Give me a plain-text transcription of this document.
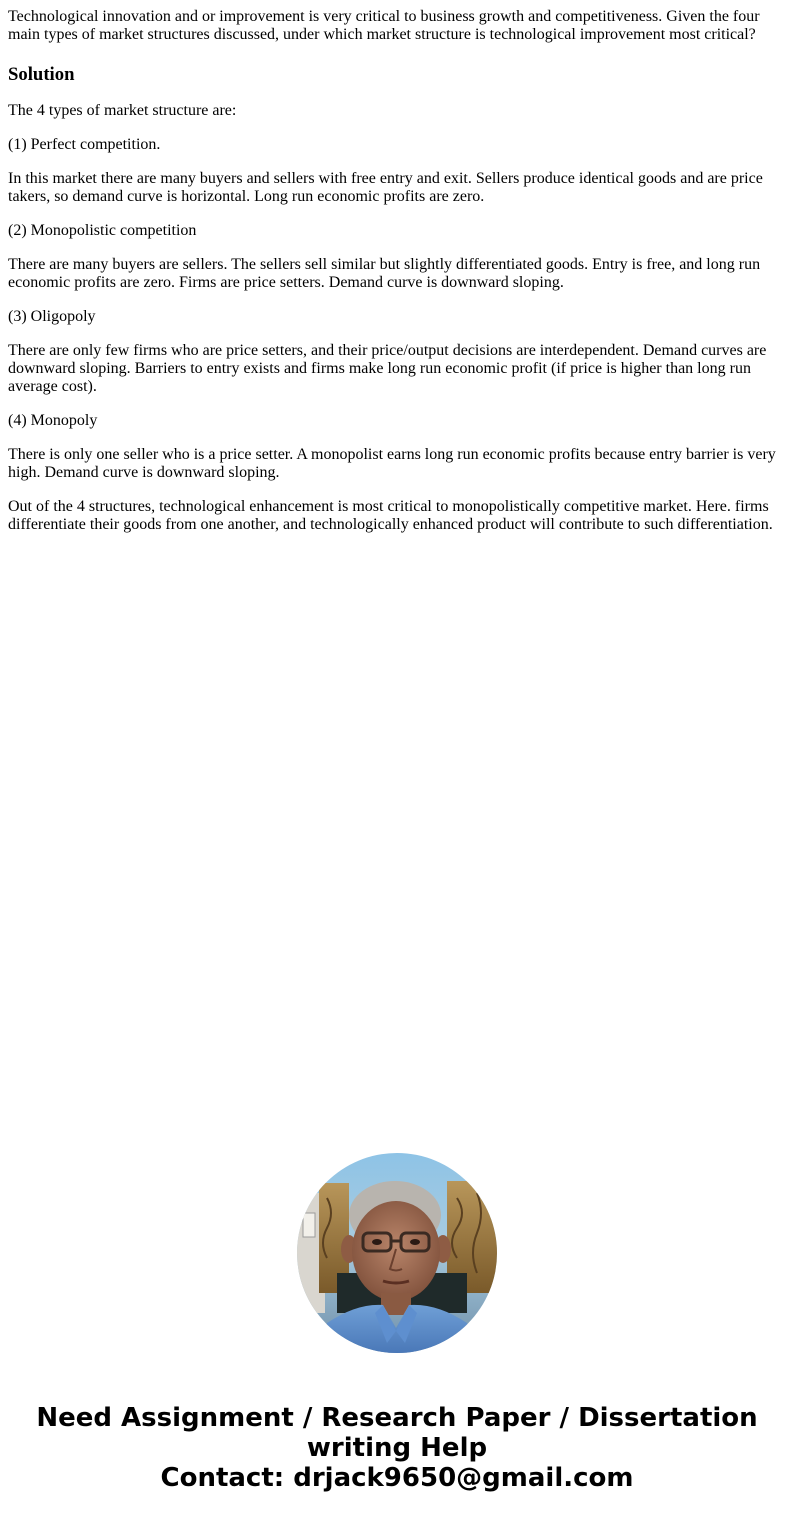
Technological innovation and or improvement is very critical to business growth and competitiveness. Given the four main types of market structures discussed, under which market structure is technological improvement most critical?

Solution

The 4 types of market structure are:

(1) Perfect competition.

In this market there are many buyers and sellers with free entry and exit. Sellers produce identical goods and are price takers, so demand curve is horizontal. Long run economic profits are zero.

(2) Monopolistic competition

There are many buyers are sellers. The sellers sell similar but slightly differentiated goods. Entry is free, and long run economic profits are zero. Firms are price setters. Demand curve is downward sloping.

(3) Oligopoly

There are only few firms who are price setters, and their price/output decisions are interdependent. Demand curves are downward sloping. Barriers to entry exists and firms make long run economic profit (if price is higher than long run average cost).

(4) Monopoly

There is only one seller who is a price setter. A monopolist earns long run economic profits because entry barrier is very high. Demand curve is downward sloping.

Out of the 4 structures, technological enhancement is most critical to monopolistically competitive market. Here. firms differentiate their goods from one another, and technologically enhanced product will contribute to such differentiation.

Need Assignment / Research Paper / Dissertation
writing Help
Contact: drjack9650@gmail.com
